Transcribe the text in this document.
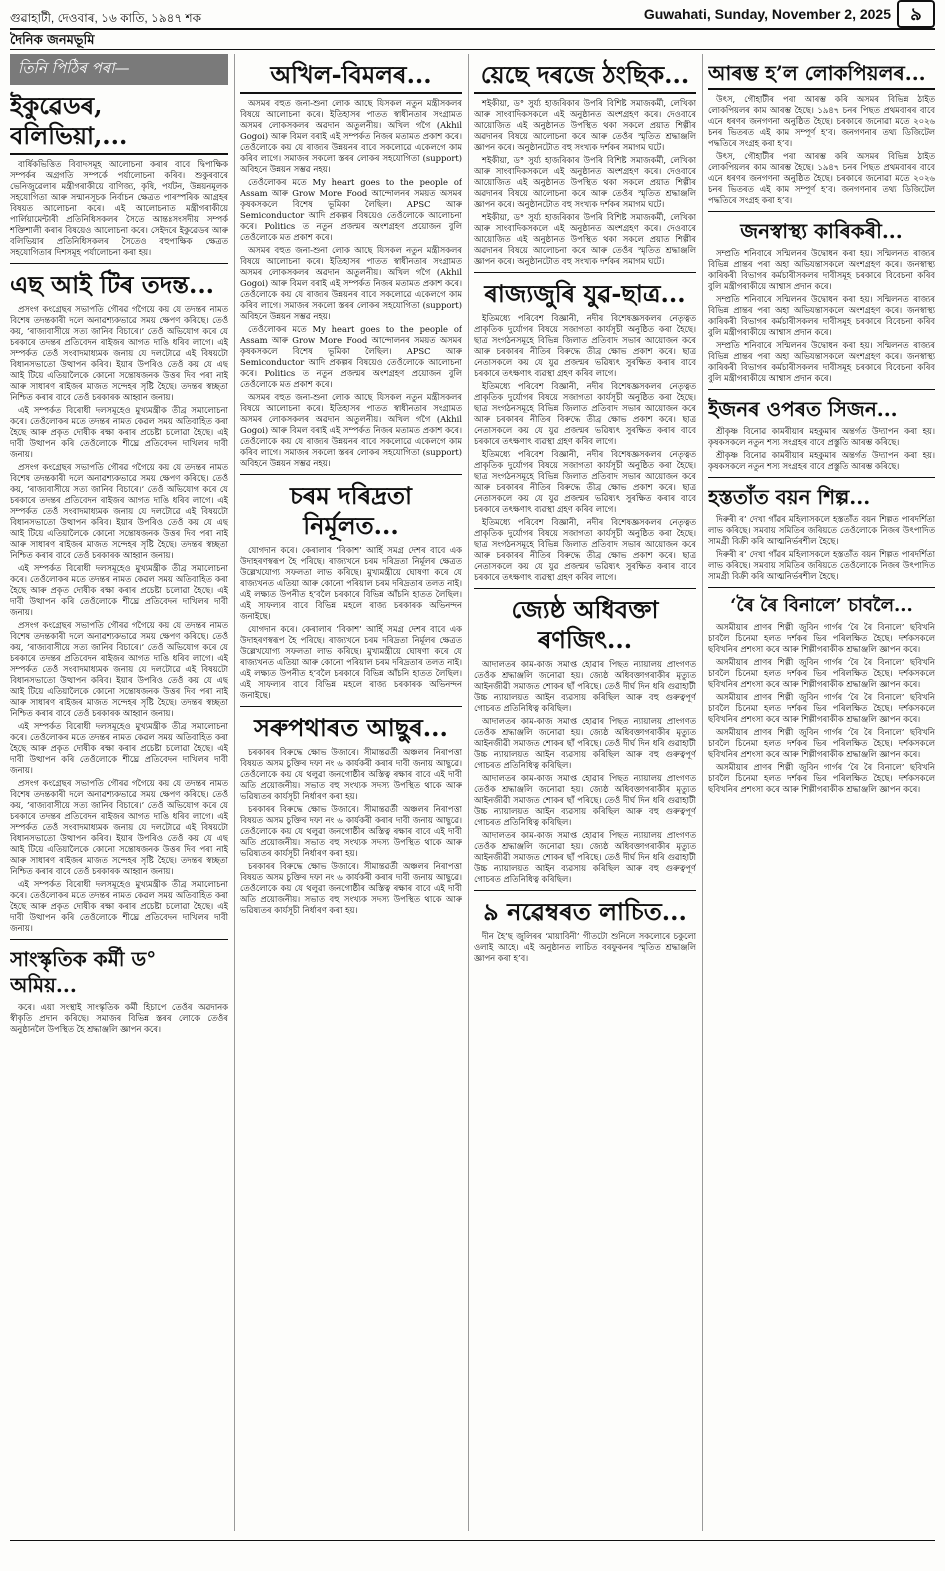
গুৱাহাটী, দেওবাৰ, ১৬ কাতি, ১৯৪৭ শক	Guwahati, Sunday, November 2, 2025	৯
দৈনিক জনমভূমি
তিনি পিঠিৰ পৰা—
ইকুৱেডৰ, বলিভিয়া,...

বাৰ্ষিকভিত্তিত বিবাদসমূহ আলোচনা কৰাৰ বাবে দ্বিপাক্ষিক সম্পৰ্কৰ অগ্ৰগতি সম্পৰ্কে পৰ্যালোচনা কৰিব। শুকুৰবাৰে ভেনিজুৱেলাৰ মন্ত্ৰীগৰাকীয়ে বাণিজ্য, কৃষি, পৰ্যটন, উন্নয়নমূলক সহযোগিতা আৰু সন্মানসূচক নিৰ্বাচন ক্ষেত্ৰত পাৰস্পৰিক আগ্ৰহৰ বিষয়ত আলোচনা কৰে। এই আলোচনাত মন্ত্ৰীগৰাকীয়ে পাৰ্লিয়ামেন্টাৰী প্ৰতিনিধিসকলৰ সৈতে আন্তঃসংসদীয় সম্পৰ্ক শক্তিশালী কৰাৰ বিষয়েও আলোচনা কৰে। সেইদৰে ইকুৱেডৰ আৰু বলিভিয়াৰ প্ৰতিনিধিসকলৰ সৈতেও বহুপাক্ষিক ক্ষেত্ৰত সহযোগিতাৰ দিশসমূহ পৰ্যালোচনা কৰা হয়।

এছ আই টিৰ তদন্ত...

প্ৰসংগ কংগ্ৰেছৰ সভাপতি গৌৰৱ গগৈয়ে কয় যে তদন্তৰ নামত বিশেষ তদন্তকাৰী দলে অনাৱশ্যকভাৱে সময় ক্ষেপণ কৰিছে। তেওঁ কয়, ‘ৰাজ্যবাসীয়ে সত্য জানিব বিচাৰে।’ তেওঁ অভিযোগ কৰে যে চৰকাৰে তদন্তৰ প্ৰতিবেদন ৰাইজৰ আগত দাঙি ধৰিব লাগে। এই সম্পৰ্কত তেওঁ সংবাদমাধ্যমক জনায় যে দলটোৱে এই বিষয়টো বিধানসভাতো উত্থাপন কৰিব। ইয়াৰ উপৰিও তেওঁ কয় যে এছ আই টিয়ে এতিয়ালৈকে কোনো সন্তোষজনক উত্তৰ দিব পৰা নাই আৰু সাধাৰণ ৰাইজৰ মাজত সন্দেহৰ সৃষ্টি হৈছে। তদন্তৰ স্বচ্ছতা নিশ্চিত কৰাৰ বাবে তেওঁ চৰকাৰক আহ্বান জনায়।

এই সম্পৰ্কত বিৰোধী দলসমূহেও মুখ্যমন্ত্ৰীক তীব্ৰ সমালোচনা কৰে। তেওঁলোকৰ মতে তদন্তৰ নামত কেৱল সময় অতিবাহিত কৰা হৈছে আৰু প্ৰকৃত দোষীক ৰক্ষা কৰাৰ প্ৰচেষ্টা চলোৱা হৈছে। এই দাবী উত্থাপন কৰি তেওঁলোকে শীঘ্ৰে প্ৰতিবেদন দাখিলৰ দাবী জনায়।

প্ৰসংগ কংগ্ৰেছৰ সভাপতি গৌৰৱ গগৈয়ে কয় যে তদন্তৰ নামত বিশেষ তদন্তকাৰী দলে অনাৱশ্যকভাৱে সময় ক্ষেপণ কৰিছে। তেওঁ কয়, ‘ৰাজ্যবাসীয়ে সত্য জানিব বিচাৰে।’ তেওঁ অভিযোগ কৰে যে চৰকাৰে তদন্তৰ প্ৰতিবেদন ৰাইজৰ আগত দাঙি ধৰিব লাগে। এই সম্পৰ্কত তেওঁ সংবাদমাধ্যমক জনায় যে দলটোৱে এই বিষয়টো বিধানসভাতো উত্থাপন কৰিব। ইয়াৰ উপৰিও তেওঁ কয় যে এছ আই টিয়ে এতিয়ালৈকে কোনো সন্তোষজনক উত্তৰ দিব পৰা নাই আৰু সাধাৰণ ৰাইজৰ মাজত সন্দেহৰ সৃষ্টি হৈছে। তদন্তৰ স্বচ্ছতা নিশ্চিত কৰাৰ বাবে তেওঁ চৰকাৰক আহ্বান জনায়।

এই সম্পৰ্কত বিৰোধী দলসমূহেও মুখ্যমন্ত্ৰীক তীব্ৰ সমালোচনা কৰে। তেওঁলোকৰ মতে তদন্তৰ নামত কেৱল সময় অতিবাহিত কৰা হৈছে আৰু প্ৰকৃত দোষীক ৰক্ষা কৰাৰ প্ৰচেষ্টা চলোৱা হৈছে। এই দাবী উত্থাপন কৰি তেওঁলোকে শীঘ্ৰে প্ৰতিবেদন দাখিলৰ দাবী জনায়।

প্ৰসংগ কংগ্ৰেছৰ সভাপতি গৌৰৱ গগৈয়ে কয় যে তদন্তৰ নামত বিশেষ তদন্তকাৰী দলে অনাৱশ্যকভাৱে সময় ক্ষেপণ কৰিছে। তেওঁ কয়, ‘ৰাজ্যবাসীয়ে সত্য জানিব বিচাৰে।’ তেওঁ অভিযোগ কৰে যে চৰকাৰে তদন্তৰ প্ৰতিবেদন ৰাইজৰ আগত দাঙি ধৰিব লাগে। এই সম্পৰ্কত তেওঁ সংবাদমাধ্যমক জনায় যে দলটোৱে এই বিষয়টো বিধানসভাতো উত্থাপন কৰিব। ইয়াৰ উপৰিও তেওঁ কয় যে এছ আই টিয়ে এতিয়ালৈকে কোনো সন্তোষজনক উত্তৰ দিব পৰা নাই আৰু সাধাৰণ ৰাইজৰ মাজত সন্দেহৰ সৃষ্টি হৈছে। তদন্তৰ স্বচ্ছতা নিশ্চিত কৰাৰ বাবে তেওঁ চৰকাৰক আহ্বান জনায়।

এই সম্পৰ্কত বিৰোধী দলসমূহেও মুখ্যমন্ত্ৰীক তীব্ৰ সমালোচনা কৰে। তেওঁলোকৰ মতে তদন্তৰ নামত কেৱল সময় অতিবাহিত কৰা হৈছে আৰু প্ৰকৃত দোষীক ৰক্ষা কৰাৰ প্ৰচেষ্টা চলোৱা হৈছে। এই দাবী উত্থাপন কৰি তেওঁলোকে শীঘ্ৰে প্ৰতিবেদন দাখিলৰ দাবী জনায়।

প্ৰসংগ কংগ্ৰেছৰ সভাপতি গৌৰৱ গগৈয়ে কয় যে তদন্তৰ নামত বিশেষ তদন্তকাৰী দলে অনাৱশ্যকভাৱে সময় ক্ষেপণ কৰিছে। তেওঁ কয়, ‘ৰাজ্যবাসীয়ে সত্য জানিব বিচাৰে।’ তেওঁ অভিযোগ কৰে যে চৰকাৰে তদন্তৰ প্ৰতিবেদন ৰাইজৰ আগত দাঙি ধৰিব লাগে। এই সম্পৰ্কত তেওঁ সংবাদমাধ্যমক জনায় যে দলটোৱে এই বিষয়টো বিধানসভাতো উত্থাপন কৰিব। ইয়াৰ উপৰিও তেওঁ কয় যে এছ আই টিয়ে এতিয়ালৈকে কোনো সন্তোষজনক উত্তৰ দিব পৰা নাই আৰু সাধাৰণ ৰাইজৰ মাজত সন্দেহৰ সৃষ্টি হৈছে। তদন্তৰ স্বচ্ছতা নিশ্চিত কৰাৰ বাবে তেওঁ চৰকাৰক আহ্বান জনায়।

এই সম্পৰ্কত বিৰোধী দলসমূহেও মুখ্যমন্ত্ৰীক তীব্ৰ সমালোচনা কৰে। তেওঁলোকৰ মতে তদন্তৰ নামত কেৱল সময় অতিবাহিত কৰা হৈছে আৰু প্ৰকৃত দোষীক ৰক্ষা কৰাৰ প্ৰচেষ্টা চলোৱা হৈছে। এই দাবী উত্থাপন কৰি তেওঁলোকে শীঘ্ৰে প্ৰতিবেদন দাখিলৰ দাবী জনায়।

সাংস্কৃতিক কৰ্মী ড° অমিয়...

কৰে। এয়া সংস্থাই সাংস্কৃতিক কৰ্মী হিচাপে তেওঁৰ অৱদানক স্বীকৃতি প্ৰদান কৰিছে। সমাজৰ বিভিন্ন স্তৰৰ লোকে তেওঁৰ অনুষ্ঠানলৈ উপস্থিত হৈ শ্ৰদ্ধাঞ্জলি জ্ঞাপন কৰে।

অখিল-বিমলৰ...

অসমৰ বহুত জনা-শুনা লোক আছে যিসকল নতুন মন্ত্ৰীসকলৰ বিষয়ে আলোচনা কৰে। ইতিহাসৰ পাতত স্বাধীনতাৰ সংগ্ৰামত অসমৰ লোকসকলৰ অৱদান অতুলনীয়। অখিল গগৈ (Akhil Gogoi) আৰু বিমল বৰাই এই সম্পৰ্কত নিজৰ মতামত প্ৰকাশ কৰে। তেওঁলোকে কয় যে ৰাজ্যৰ উন্নয়নৰ বাবে সকলোৱে একেলগে কাম কৰিব লাগে। সমাজৰ সকলো স্তৰৰ লোকৰ সহযোগিতা (support) অবিহনে উন্নয়ন সম্ভৱ নহয়।

তেওঁলোকৰ মতে My heart goes to the people of Assam আৰু Grow More Food আন্দোলনৰ সময়ত অসমৰ কৃষকসকলে বিশেষ ভূমিকা লৈছিল। APSC আৰু Semiconductor আদি প্ৰকল্পৰ বিষয়েও তেওঁলোকে আলোচনা কৰে। Politics ত নতুন প্ৰজন্মৰ অংশগ্ৰহণ প্ৰয়োজন বুলি তেওঁলোকে মত প্ৰকাশ কৰে।

অসমৰ বহুত জনা-শুনা লোক আছে যিসকল নতুন মন্ত্ৰীসকলৰ বিষয়ে আলোচনা কৰে। ইতিহাসৰ পাতত স্বাধীনতাৰ সংগ্ৰামত অসমৰ লোকসকলৰ অৱদান অতুলনীয়। অখিল গগৈ (Akhil Gogoi) আৰু বিমল বৰাই এই সম্পৰ্কত নিজৰ মতামত প্ৰকাশ কৰে। তেওঁলোকে কয় যে ৰাজ্যৰ উন্নয়নৰ বাবে সকলোৱে একেলগে কাম কৰিব লাগে। সমাজৰ সকলো স্তৰৰ লোকৰ সহযোগিতা (support) অবিহনে উন্নয়ন সম্ভৱ নহয়।

তেওঁলোকৰ মতে My heart goes to the people of Assam আৰু Grow More Food আন্দোলনৰ সময়ত অসমৰ কৃষকসকলে বিশেষ ভূমিকা লৈছিল। APSC আৰু Semiconductor আদি প্ৰকল্পৰ বিষয়েও তেওঁলোকে আলোচনা কৰে। Politics ত নতুন প্ৰজন্মৰ অংশগ্ৰহণ প্ৰয়োজন বুলি তেওঁলোকে মত প্ৰকাশ কৰে।

অসমৰ বহুত জনা-শুনা লোক আছে যিসকল নতুন মন্ত্ৰীসকলৰ বিষয়ে আলোচনা কৰে। ইতিহাসৰ পাতত স্বাধীনতাৰ সংগ্ৰামত অসমৰ লোকসকলৰ অৱদান অতুলনীয়। অখিল গগৈ (Akhil Gogoi) আৰু বিমল বৰাই এই সম্পৰ্কত নিজৰ মতামত প্ৰকাশ কৰে। তেওঁলোকে কয় যে ৰাজ্যৰ উন্নয়নৰ বাবে সকলোৱে একেলগে কাম কৰিব লাগে। সমাজৰ সকলো স্তৰৰ লোকৰ সহযোগিতা (support) অবিহনে উন্নয়ন সম্ভৱ নহয়।

চৰম দৰিদ্ৰতা নিৰ্মূলত...

যোগদান কৰে। কেৰালাৰ ‘বিকাশ’ আৰ্হি সমগ্ৰ দেশৰ বাবে এক উদাহৰণস্বৰূপ হৈ পৰিছে। ৰাজ্যখনে চৰম দৰিদ্ৰতা নিৰ্মূলৰ ক্ষেত্ৰত উল্লেখযোগ্য সফলতা লাভ কৰিছে। মুখ্যমন্ত্ৰীয়ে ঘোষণা কৰে যে ৰাজ্যখনত এতিয়া আৰু কোনো পৰিয়াল চৰম দৰিদ্ৰতাৰ তলত নাই। এই লক্ষ্যত উপনীত হ’বলৈ চৰকাৰে বিভিন্ন আঁচনি হাতত লৈছিল। এই সাফল্যৰ বাবে বিভিন্ন মহলে ৰাজ্য চৰকাৰক অভিনন্দন জনাইছে।

যোগদান কৰে। কেৰালাৰ ‘বিকাশ’ আৰ্হি সমগ্ৰ দেশৰ বাবে এক উদাহৰণস্বৰূপ হৈ পৰিছে। ৰাজ্যখনে চৰম দৰিদ্ৰতা নিৰ্মূলৰ ক্ষেত্ৰত উল্লেখযোগ্য সফলতা লাভ কৰিছে। মুখ্যমন্ত্ৰীয়ে ঘোষণা কৰে যে ৰাজ্যখনত এতিয়া আৰু কোনো পৰিয়াল চৰম দৰিদ্ৰতাৰ তলত নাই। এই লক্ষ্যত উপনীত হ’বলৈ চৰকাৰে বিভিন্ন আঁচনি হাতত লৈছিল। এই সাফল্যৰ বাবে বিভিন্ন মহলে ৰাজ্য চৰকাৰক অভিনন্দন জনাইছে।

সৰুপথাৰত আছুৰ...

চৰকাৰৰ বিৰুদ্ধে ক্ষোভ উজাৰে। সীমান্তৱৰ্তী অঞ্চলৰ নিৰাপত্তা বিষয়ত অসম চুক্তিৰ দফা নং ৬ কাৰ্যকৰী কৰাৰ দাবী জনায় আছুৱে। তেওঁলোকে কয় যে থলুৱা জনগোষ্ঠীৰ অস্তিত্ব ৰক্ষাৰ বাবে এই দাবী অতি প্ৰয়োজনীয়। সভাত বহু সংখ্যক সদস্য উপস্থিত থাকে আৰু ভৱিষ্যতৰ কাৰ্যসূচী নিৰ্ধাৰণ কৰা হয়।

চৰকাৰৰ বিৰুদ্ধে ক্ষোভ উজাৰে। সীমান্তৱৰ্তী অঞ্চলৰ নিৰাপত্তা বিষয়ত অসম চুক্তিৰ দফা নং ৬ কাৰ্যকৰী কৰাৰ দাবী জনায় আছুৱে। তেওঁলোকে কয় যে থলুৱা জনগোষ্ঠীৰ অস্তিত্ব ৰক্ষাৰ বাবে এই দাবী অতি প্ৰয়োজনীয়। সভাত বহু সংখ্যক সদস্য উপস্থিত থাকে আৰু ভৱিষ্যতৰ কাৰ্যসূচী নিৰ্ধাৰণ কৰা হয়।

চৰকাৰৰ বিৰুদ্ধে ক্ষোভ উজাৰে। সীমান্তৱৰ্তী অঞ্চলৰ নিৰাপত্তা বিষয়ত অসম চুক্তিৰ দফা নং ৬ কাৰ্যকৰী কৰাৰ দাবী জনায় আছুৱে। তেওঁলোকে কয় যে থলুৱা জনগোষ্ঠীৰ অস্তিত্ব ৰক্ষাৰ বাবে এই দাবী অতি প্ৰয়োজনীয়। সভাত বহু সংখ্যক সদস্য উপস্থিত থাকে আৰু ভৱিষ্যতৰ কাৰ্যসূচী নিৰ্ধাৰণ কৰা হয়।

য়েছে দৰজে ঠংছিক...

শইকীয়া, ড° সুৰ্য্য হাজৰিকাৰ উপৰি বিশিষ্ট সমাজকৰ্মী, লেখিকা আৰু সাংবাদিকসকলে এই অনুষ্ঠানত অংশগ্ৰহণ কৰে। দেওবাৰে আয়োজিত এই অনুষ্ঠানত উপস্থিত থকা সকলে প্ৰয়াত শিল্পীৰ অৱদানৰ বিষয়ে আলোচনা কৰে আৰু তেওঁৰ স্মৃতিত শ্ৰদ্ধাঞ্জলি জ্ঞাপন কৰে। অনুষ্ঠানটোত বহু সংখ্যক দৰ্শকৰ সমাগম ঘটে।

শইকীয়া, ড° সুৰ্য্য হাজৰিকাৰ উপৰি বিশিষ্ট সমাজকৰ্মী, লেখিকা আৰু সাংবাদিকসকলে এই অনুষ্ঠানত অংশগ্ৰহণ কৰে। দেওবাৰে আয়োজিত এই অনুষ্ঠানত উপস্থিত থকা সকলে প্ৰয়াত শিল্পীৰ অৱদানৰ বিষয়ে আলোচনা কৰে আৰু তেওঁৰ স্মৃতিত শ্ৰদ্ধাঞ্জলি জ্ঞাপন কৰে। অনুষ্ঠানটোত বহু সংখ্যক দৰ্শকৰ সমাগম ঘটে।

শইকীয়া, ড° সুৰ্য্য হাজৰিকাৰ উপৰি বিশিষ্ট সমাজকৰ্মী, লেখিকা আৰু সাংবাদিকসকলে এই অনুষ্ঠানত অংশগ্ৰহণ কৰে। দেওবাৰে আয়োজিত এই অনুষ্ঠানত উপস্থিত থকা সকলে প্ৰয়াত শিল্পীৰ অৱদানৰ বিষয়ে আলোচনা কৰে আৰু তেওঁৰ স্মৃতিত শ্ৰদ্ধাঞ্জলি জ্ঞাপন কৰে। অনুষ্ঠানটোত বহু সংখ্যক দৰ্শকৰ সমাগম ঘটে।

ৰাজ্যজুৰি যুৱ-ছাত্ৰ...

ইতিমধ্যে পৰিবেশ বিজ্ঞানী, নদীৰ বিশেষজ্ঞসকলৰ নেতৃত্বত প্ৰাকৃতিক দুৰ্যোগৰ বিষয়ে সজাগতা কাৰ্যসূচী অনুষ্ঠিত কৰা হৈছে। ছাত্ৰ সংগঠনসমূহে বিভিন্ন জিলাত প্ৰতিবাদ সভাৰ আয়োজন কৰে আৰু চৰকাৰৰ নীতিৰ বিৰুদ্ধে তীব্ৰ ক্ষোভ প্ৰকাশ কৰে। ছাত্ৰ নেতাসকলে কয় যে যুৱ প্ৰজন্মৰ ভৱিষ্যৎ সুৰক্ষিত কৰাৰ বাবে চৰকাৰে তৎক্ষণাৎ ব্যৱস্থা গ্ৰহণ কৰিব লাগে।

ইতিমধ্যে পৰিবেশ বিজ্ঞানী, নদীৰ বিশেষজ্ঞসকলৰ নেতৃত্বত প্ৰাকৃতিক দুৰ্যোগৰ বিষয়ে সজাগতা কাৰ্যসূচী অনুষ্ঠিত কৰা হৈছে। ছাত্ৰ সংগঠনসমূহে বিভিন্ন জিলাত প্ৰতিবাদ সভাৰ আয়োজন কৰে আৰু চৰকাৰৰ নীতিৰ বিৰুদ্ধে তীব্ৰ ক্ষোভ প্ৰকাশ কৰে। ছাত্ৰ নেতাসকলে কয় যে যুৱ প্ৰজন্মৰ ভৱিষ্যৎ সুৰক্ষিত কৰাৰ বাবে চৰকাৰে তৎক্ষণাৎ ব্যৱস্থা গ্ৰহণ কৰিব লাগে।

ইতিমধ্যে পৰিবেশ বিজ্ঞানী, নদীৰ বিশেষজ্ঞসকলৰ নেতৃত্বত প্ৰাকৃতিক দুৰ্যোগৰ বিষয়ে সজাগতা কাৰ্যসূচী অনুষ্ঠিত কৰা হৈছে। ছাত্ৰ সংগঠনসমূহে বিভিন্ন জিলাত প্ৰতিবাদ সভাৰ আয়োজন কৰে আৰু চৰকাৰৰ নীতিৰ বিৰুদ্ধে তীব্ৰ ক্ষোভ প্ৰকাশ কৰে। ছাত্ৰ নেতাসকলে কয় যে যুৱ প্ৰজন্মৰ ভৱিষ্যৎ সুৰক্ষিত কৰাৰ বাবে চৰকাৰে তৎক্ষণাৎ ব্যৱস্থা গ্ৰহণ কৰিব লাগে।

ইতিমধ্যে পৰিবেশ বিজ্ঞানী, নদীৰ বিশেষজ্ঞসকলৰ নেতৃত্বত প্ৰাকৃতিক দুৰ্যোগৰ বিষয়ে সজাগতা কাৰ্যসূচী অনুষ্ঠিত কৰা হৈছে। ছাত্ৰ সংগঠনসমূহে বিভিন্ন জিলাত প্ৰতিবাদ সভাৰ আয়োজন কৰে আৰু চৰকাৰৰ নীতিৰ বিৰুদ্ধে তীব্ৰ ক্ষোভ প্ৰকাশ কৰে। ছাত্ৰ নেতাসকলে কয় যে যুৱ প্ৰজন্মৰ ভৱিষ্যৎ সুৰক্ষিত কৰাৰ বাবে চৰকাৰে তৎক্ষণাৎ ব্যৱস্থা গ্ৰহণ কৰিব লাগে।

জ্যেষ্ঠ অধিবক্তা ৰণজিৎ...

আদালতৰ কাম-কাজ সমাপ্ত হোৱাৰ পিছত ন্যায়ালয় প্ৰাংগণত তেওঁক শ্ৰদ্ধাঞ্জলি জনোৱা হয়। জ্যেষ্ঠ অধিবক্তাগৰাকীৰ মৃত্যুত আইনজীৱী সমাজত শোকৰ ছাঁ পৰিছে। তেওঁ দীৰ্ঘ দিন ধৰি গুৱাহাটী উচ্চ ন্যায়ালয়ত আইন ব্যৱসায় কৰিছিল আৰু বহু গুৰুত্বপূৰ্ণ গোচৰত প্ৰতিনিধিত্ব কৰিছিল।

আদালতৰ কাম-কাজ সমাপ্ত হোৱাৰ পিছত ন্যায়ালয় প্ৰাংগণত তেওঁক শ্ৰদ্ধাঞ্জলি জনোৱা হয়। জ্যেষ্ঠ অধিবক্তাগৰাকীৰ মৃত্যুত আইনজীৱী সমাজত শোকৰ ছাঁ পৰিছে। তেওঁ দীৰ্ঘ দিন ধৰি গুৱাহাটী উচ্চ ন্যায়ালয়ত আইন ব্যৱসায় কৰিছিল আৰু বহু গুৰুত্বপূৰ্ণ গোচৰত প্ৰতিনিধিত্ব কৰিছিল।

আদালতৰ কাম-কাজ সমাপ্ত হোৱাৰ পিছত ন্যায়ালয় প্ৰাংগণত তেওঁক শ্ৰদ্ধাঞ্জলি জনোৱা হয়। জ্যেষ্ঠ অধিবক্তাগৰাকীৰ মৃত্যুত আইনজীৱী সমাজত শোকৰ ছাঁ পৰিছে। তেওঁ দীৰ্ঘ দিন ধৰি গুৱাহাটী উচ্চ ন্যায়ালয়ত আইন ব্যৱসায় কৰিছিল আৰু বহু গুৰুত্বপূৰ্ণ গোচৰত প্ৰতিনিধিত্ব কৰিছিল।

আদালতৰ কাম-কাজ সমাপ্ত হোৱাৰ পিছত ন্যায়ালয় প্ৰাংগণত তেওঁক শ্ৰদ্ধাঞ্জলি জনোৱা হয়। জ্যেষ্ঠ অধিবক্তাগৰাকীৰ মৃত্যুত আইনজীৱী সমাজত শোকৰ ছাঁ পৰিছে। তেওঁ দীৰ্ঘ দিন ধৰি গুৱাহাটী উচ্চ ন্যায়ালয়ত আইন ব্যৱসায় কৰিছিল আৰু বহু গুৰুত্বপূৰ্ণ গোচৰত প্ৰতিনিধিত্ব কৰিছিল।

৯ নৱেম্বৰত লাচিত...

দীন হৈ’ছ জুলিৰৰ ‘মায়াবিনী’ গীতটো শুনিলে সকলোৰে চকুলো ওলাই আহে। এই অনুষ্ঠানত লাচিত বৰফুকনৰ স্মৃতিত শ্ৰদ্ধাঞ্জলি জ্ঞাপন কৰা হ’ব।

আৰম্ভ হ’ল লোকপিয়লৰ...

উৎস, গৌহাটীৰ পৰা আৰম্ভ কৰি অসমৰ বিভিন্ন ঠাইত লোকপিয়লৰ কাম আৰম্ভ হৈছে। ১৯৪৭ চনৰ পিছত প্ৰথমবাৰৰ বাবে এনে ধৰণৰ জনগণনা অনুষ্ঠিত হৈছে। চৰকাৰে জনোৱা মতে ২০২৬ চনৰ ভিতৰত এই কাম সম্পূৰ্ণ হ’ব। জনগণনাৰ তথ্য ডিজিটেল পদ্ধতিৰে সংগ্ৰহ কৰা হ’ব।

উৎস, গৌহাটীৰ পৰা আৰম্ভ কৰি অসমৰ বিভিন্ন ঠাইত লোকপিয়লৰ কাম আৰম্ভ হৈছে। ১৯৪৭ চনৰ পিছত প্ৰথমবাৰৰ বাবে এনে ধৰণৰ জনগণনা অনুষ্ঠিত হৈছে। চৰকাৰে জনোৱা মতে ২০২৬ চনৰ ভিতৰত এই কাম সম্পূৰ্ণ হ’ব। জনগণনাৰ তথ্য ডিজিটেল পদ্ধতিৰে সংগ্ৰহ কৰা হ’ব।

জনস্বাস্থ্য কাৰিকৰী...

সম্প্ৰতি শনিবাৰে সন্মিলনৰ উদ্বোধন কৰা হয়। সন্মিলনত ৰাজ্যৰ বিভিন্ন প্ৰান্তৰ পৰা অহা অভিযন্তাসকলে অংশগ্ৰহণ কৰে। জনস্বাস্থ্য কাৰিকৰী বিভাগৰ কৰ্মচাৰীসকলৰ দাবীসমূহ চৰকাৰে বিবেচনা কৰিব বুলি মন্ত্ৰীগৰাকীয়ে আশ্বাস প্ৰদান কৰে।

সম্প্ৰতি শনিবাৰে সন্মিলনৰ উদ্বোধন কৰা হয়। সন্মিলনত ৰাজ্যৰ বিভিন্ন প্ৰান্তৰ পৰা অহা অভিযন্তাসকলে অংশগ্ৰহণ কৰে। জনস্বাস্থ্য কাৰিকৰী বিভাগৰ কৰ্মচাৰীসকলৰ দাবীসমূহ চৰকাৰে বিবেচনা কৰিব বুলি মন্ত্ৰীগৰাকীয়ে আশ্বাস প্ৰদান কৰে।

সম্প্ৰতি শনিবাৰে সন্মিলনৰ উদ্বোধন কৰা হয়। সন্মিলনত ৰাজ্যৰ বিভিন্ন প্ৰান্তৰ পৰা অহা অভিযন্তাসকলে অংশগ্ৰহণ কৰে। জনস্বাস্থ্য কাৰিকৰী বিভাগৰ কৰ্মচাৰীসকলৰ দাবীসমূহ চৰকাৰে বিবেচনা কৰিব বুলি মন্ত্ৰীগৰাকীয়ে আশ্বাস প্ৰদান কৰে।

ইজনৰ ওপৰত সিজন...

শ্ৰীকৃষ্ণ বিনোৱ কামৰীয়াৰ মহকুমাৰ অন্তৰ্গত উদ্যাপন কৰা হয়। কৃষকসকলে নতুন শস্য সংগ্ৰহৰ বাবে প্ৰস্তুতি আৰম্ভ কৰিছে।

শ্ৰীকৃষ্ণ বিনোৱ কামৰীয়াৰ মহকুমাৰ অন্তৰ্গত উদ্যাপন কৰা হয়। কৃষকসকলে নতুন শস্য সংগ্ৰহৰ বাবে প্ৰস্তুতি আৰম্ভ কৰিছে।

হস্ততাঁত বয়ন শিল্প...

দিৰুৰী ৰ’ দেখা গাঁৱৰ মহিলাসকলে হস্ততাঁত বয়ন শিল্পত পাৰদৰ্শিতা লাভ কৰিছে। সমবায় সমিতিৰ জৰিয়তে তেওঁলোকে নিজৰ উৎপাদিত সামগ্ৰী বিক্ৰী কৰি আত্মনিৰ্ভৰশীল হৈছে।

দিৰুৰী ৰ’ দেখা গাঁৱৰ মহিলাসকলে হস্ততাঁত বয়ন শিল্পত পাৰদৰ্শিতা লাভ কৰিছে। সমবায় সমিতিৰ জৰিয়তে তেওঁলোকে নিজৰ উৎপাদিত সামগ্ৰী বিক্ৰী কৰি আত্মনিৰ্ভৰশীল হৈছে।

‘ৰৈ ৰৈ বিনালে’ চাবলৈ...

অসমীয়াৰ প্ৰাণৰ শিল্পী জুবিন গাৰ্গৰ ‘ৰৈ ৰৈ বিনালে’ ছবিখনি চাবলৈ চিনেমা হলত দৰ্শকৰ ভিৰ পৰিলক্ষিত হৈছে। দৰ্শকসকলে ছবিখনিৰ প্ৰশংসা কৰে আৰু শিল্পীগৰাকীক শ্ৰদ্ধাঞ্জলি জ্ঞাপন কৰে।

অসমীয়াৰ প্ৰাণৰ শিল্পী জুবিন গাৰ্গৰ ‘ৰৈ ৰৈ বিনালে’ ছবিখনি চাবলৈ চিনেমা হলত দৰ্শকৰ ভিৰ পৰিলক্ষিত হৈছে। দৰ্শকসকলে ছবিখনিৰ প্ৰশংসা কৰে আৰু শিল্পীগৰাকীক শ্ৰদ্ধাঞ্জলি জ্ঞাপন কৰে।

অসমীয়াৰ প্ৰাণৰ শিল্পী জুবিন গাৰ্গৰ ‘ৰৈ ৰৈ বিনালে’ ছবিখনি চাবলৈ চিনেমা হলত দৰ্শকৰ ভিৰ পৰিলক্ষিত হৈছে। দৰ্শকসকলে ছবিখনিৰ প্ৰশংসা কৰে আৰু শিল্পীগৰাকীক শ্ৰদ্ধাঞ্জলি জ্ঞাপন কৰে।

অসমীয়াৰ প্ৰাণৰ শিল্পী জুবিন গাৰ্গৰ ‘ৰৈ ৰৈ বিনালে’ ছবিখনি চাবলৈ চিনেমা হলত দৰ্শকৰ ভিৰ পৰিলক্ষিত হৈছে। দৰ্শকসকলে ছবিখনিৰ প্ৰশংসা কৰে আৰু শিল্পীগৰাকীক শ্ৰদ্ধাঞ্জলি জ্ঞাপন কৰে।

অসমীয়াৰ প্ৰাণৰ শিল্পী জুবিন গাৰ্গৰ ‘ৰৈ ৰৈ বিনালে’ ছবিখনি চাবলৈ চিনেমা হলত দৰ্শকৰ ভিৰ পৰিলক্ষিত হৈছে। দৰ্শকসকলে ছবিখনিৰ প্ৰশংসা কৰে আৰু শিল্পীগৰাকীক শ্ৰদ্ধাঞ্জলি জ্ঞাপন কৰে।
